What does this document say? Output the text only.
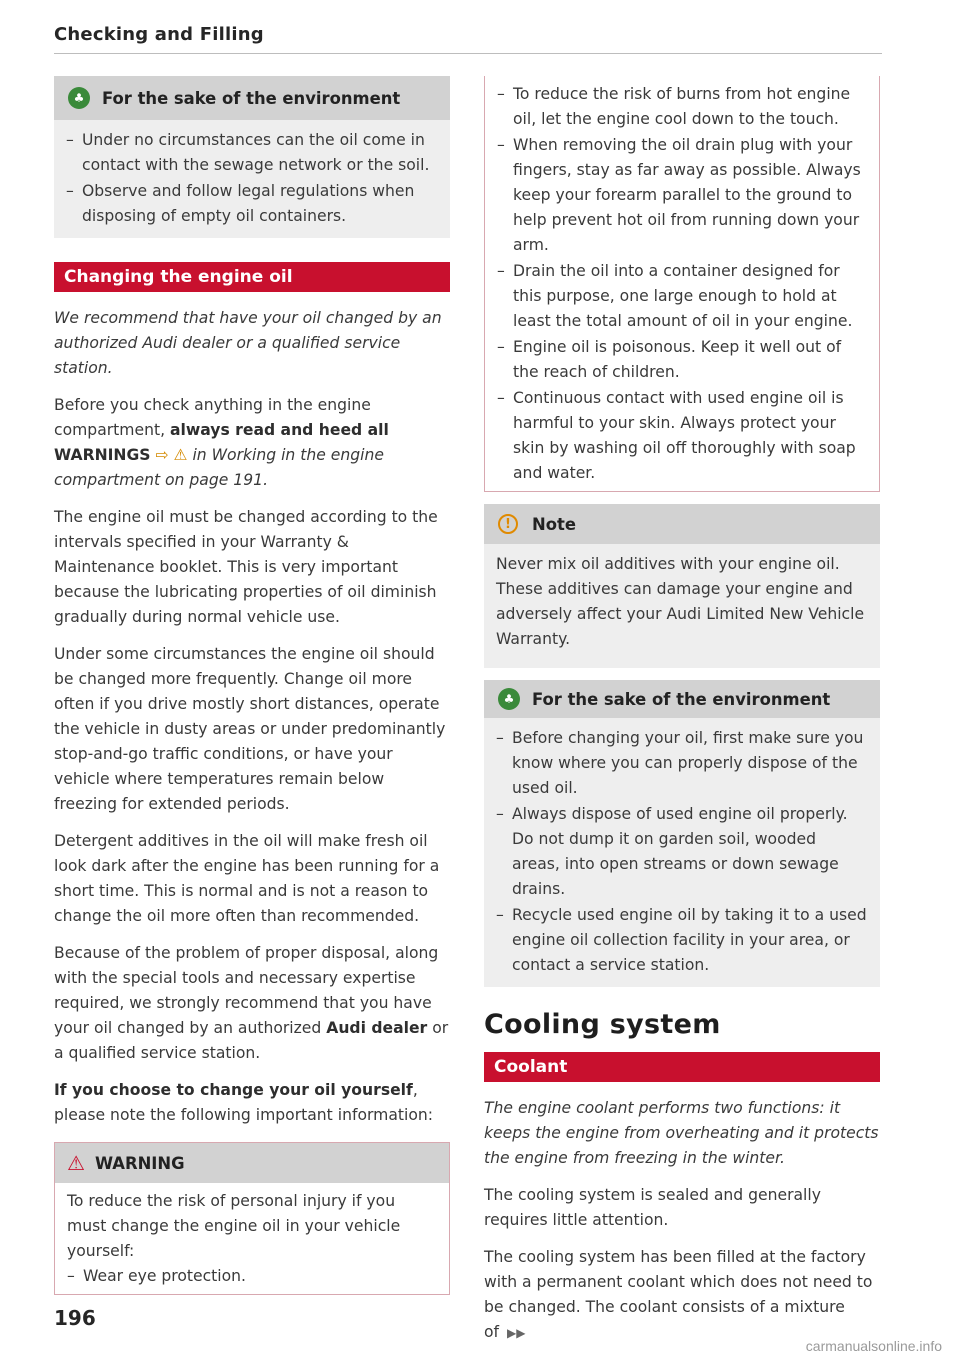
Checking and Filling
♣	For the sake of the environment
– Under no circumstances can the oil come in contact with the sewage network or the soil.
– Observe and follow legal regulations when disposing of empty oil containers.
Changing the engine oil

We recommend that have your oil changed by an authorized Audi dealer or a qualified service station.

Before you check anything in the engine compartment, always read and heed all WARNINGS ⇨ ⚠ in Working in the engine compartment on page 191.

The engine oil must be changed according to the intervals specified in your Warranty & Maintenance booklet. This is very important because the lubricating properties of oil diminish gradually during normal vehicle use.

Under some circumstances the engine oil should be changed more frequently. Change oil more often if you drive mostly short distances, operate the vehicle in dusty areas or under predominantly stop-and-go traffic conditions, or have your vehicle where temperatures remain below freezing for extended periods.

Detergent additives in the oil will make fresh oil look dark after the engine has been running for a short time. This is normal and is not a reason to change the oil more often than recommended.

Because of the problem of proper disposal, along with the special tools and necessary expertise required, we strongly recommend that you have your oil changed by an authorized Audi dealer or a qualified service station.

If you choose to change your oil yourself, please note the following important information:

⚠ WARNING

To reduce the risk of personal injury if you must change the engine oil in your vehicle yourself:

– Wear eye protection.
– To reduce the risk of burns from hot engine oil, let the engine cool down to the touch.
– When removing the oil drain plug with your fingers, stay as far away as possible. Always keep your forearm parallel to the ground to help prevent hot oil from running down your arm.
– Drain the oil into a container designed for this purpose, one large enough to hold at least the total amount of oil in your engine.
– Engine oil is poisonous. Keep it well out of the reach of children.
– Continuous contact with used engine oil is harmful to your skin. Always protect your skin by washing oil off thoroughly with soap and water.
!	Note

Never mix oil additives with your engine oil. These additives can damage your engine and adversely affect your Audi Limited New Vehicle Warranty.

♣	For the sake of the environment
– Before changing your oil, first make sure you know where you can properly dispose of the used oil.
– Always dispose of used engine oil properly. Do not dump it on garden soil, wooded areas, into open streams or down sewage drains.
– Recycle used engine oil by taking it to a used engine oil collection facility in your area, or contact a service station.
Cooling system
Coolant

The engine coolant performs two functions: it keeps the engine from overheating and it protects the engine from freezing in the winter.

The cooling system is sealed and generally requires little attention.

The cooling system has been filled at the factory with a permanent coolant which does not need to be changed. The coolant consists of a mixture of ▶▶

196
carmanualsonline.info
